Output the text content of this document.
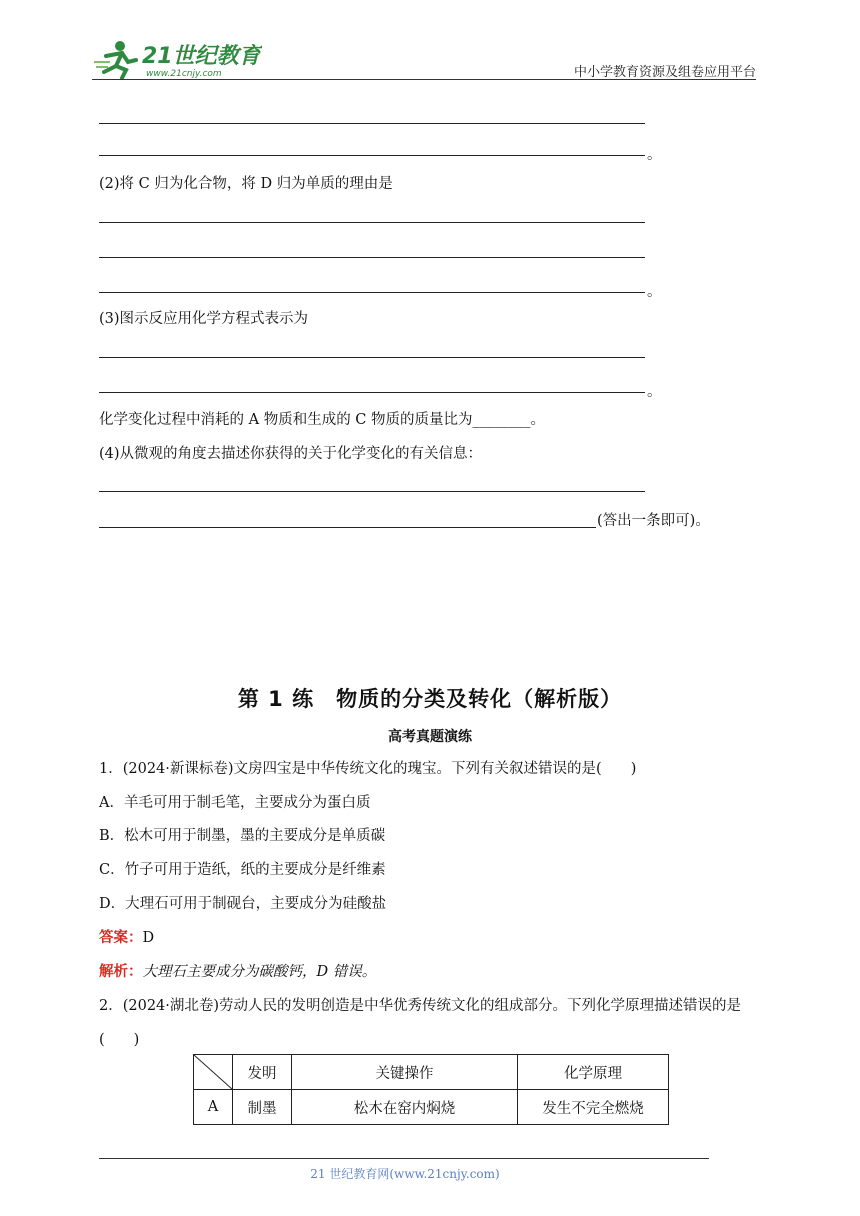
21世纪教育
www.21cnjy.com	中小学教育资源及组卷应用平台
。
(2)将 C 归为化合物，将 D 归为单质的理由是
。
(3)图示反应用化学方程式表示为
。
化学变化过程中消耗的 A 物质和生成的 C 物质的质量比为________。
(4)从微观的角度去描述你获得的关于化学变化的有关信息：
(答出一条即可)。
第 1 练　物质的分类及转化（解析版）
高考真题演练
1．(2024·新课标卷)文房四宝是中华传统文化的瑰宝。下列有关叙述错误的是(　　)
A．羊毛可用于制毛笔，主要成分为蛋白质
B．松木可用于制墨，墨的主要成分是单质碳
C．竹子可用于造纸，纸的主要成分是纤维素
D．大理石可用于制砚台，主要成分为硅酸盐
答案：D
解析：大理石主要成分为碳酸钙，D 错误。
2．(2024·湖北卷)劳动人民的发明创造是中华优秀传统文化的组成部分。下列化学原理描述错误的是
(　　)
	发明	关键操作	化学原理
A	制墨	松木在窑内焖烧	发生不完全燃烧
21 世纪教育网(www.21cnjy.com)
